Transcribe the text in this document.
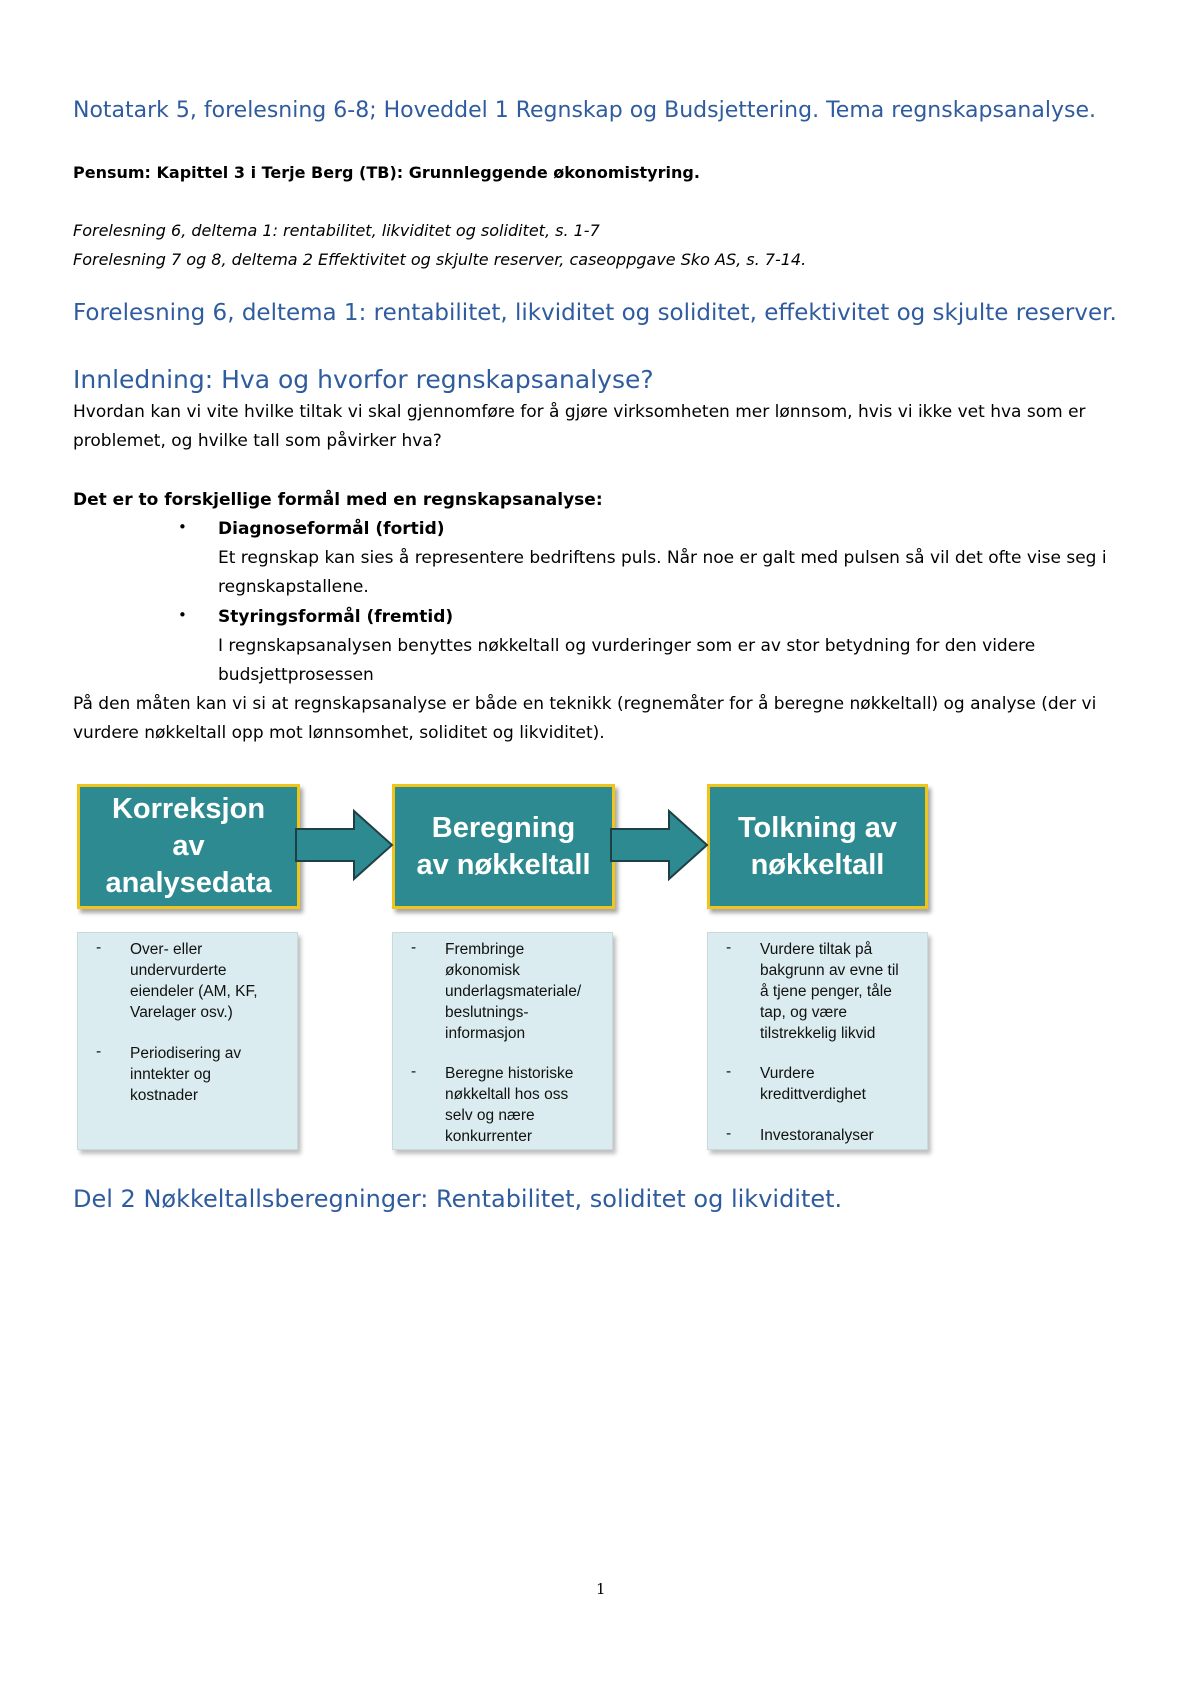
Notatark 5, forelesning 6-8; Hoveddel 1 Regnskap og Budsjettering. Tema regnskapsanalyse.
Pensum: Kapittel 3 i Terje Berg (TB): Grunnleggende økonomistyring.
Forelesning 6, deltema 1: rentabilitet, likviditet og soliditet, s. 1-7
Forelesning 7 og 8, deltema 2 Effektivitet og skjulte reserver, caseoppgave Sko AS, s. 7-14.
Forelesning 6, deltema 1: rentabilitet, likviditet og soliditet, effektivitet og skjulte reserver.
Innledning: Hva og hvorfor regnskapsanalyse?
Hvordan kan vi vite hvilke tiltak vi skal gjennomføre for å gjøre virksomheten mer lønnsom, hvis vi ikke vet hva som er problemet, og hvilke tall som påvirker hva?
Det er to forskjellige formål med en regnskapsanalyse:
• Diagnoseformål (fortid)
Et regnskap kan sies å representere bedriftens puls. Når noe er galt med pulsen så vil det ofte vise seg i regnskapstallene.
• Styringsformål (fremtid)
I regnskapsanalysen benyttes nøkkeltall og vurderinger som er av stor betydning for den videre budsjettprosessen
På den måten kan vi si at regnskapsanalyse er både en teknikk (regnemåter for å beregne nøkkeltall) og analyse (der vi vurdere nøkkeltall opp mot lønnsomhet, soliditet og likviditet).
Korreksjon
av
analysedata
Beregning
av nøkkeltall
Tolkning av
nøkkeltall
- Over- eller
undervurderte
eiendeler (AM, KF,
Varelager osv.)
- Periodisering av
inntekter og
kostnader
- Frembringe
økonomisk
underlagsmateriale/
beslutnings-
informasjon
- Beregne historiske
nøkkeltall hos oss
selv og nære
konkurrenter
- Vurdere tiltak på
bakgrunn av evne til
å tjene penger, tåle
tap, og være
tilstrekkelig likvid
- Vurdere
kredittverdighet
- Investoranalyser
Del 2 Nøkkeltallsberegninger: Rentabilitet, soliditet og likviditet.
1
